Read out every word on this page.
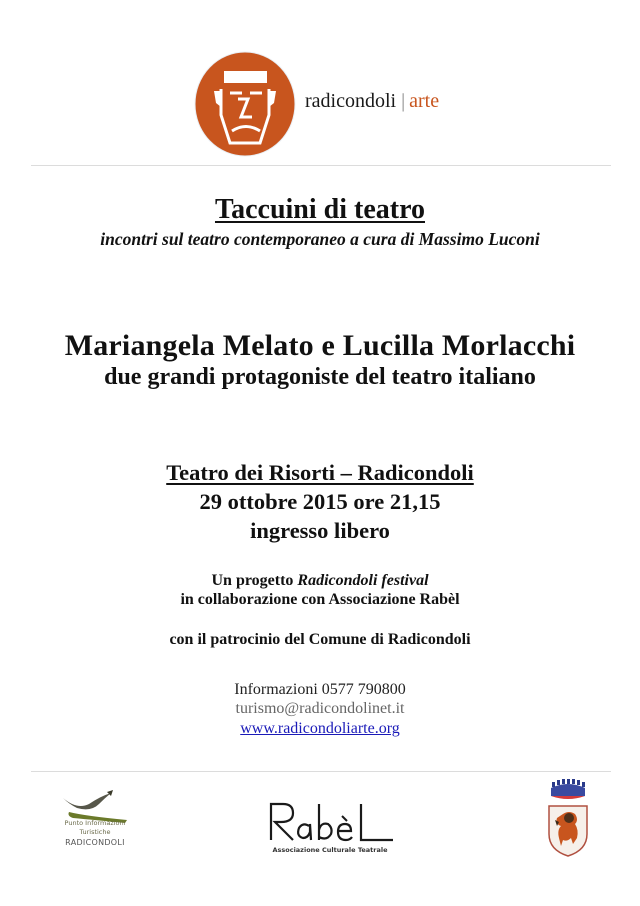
radicondoli | arte
Taccuini di teatro
incontri sul teatro contemporaneo a cura di Massimo Luconi
Mariangela Melato e Lucilla Morlacchi
due grandi protagoniste del teatro italiano
Teatro dei Risorti – Radicondoli
29 ottobre 2015 ore 21,15
ingresso libero
Un progetto Radicondoli festival
in collaborazione con Associazione Rabèl
con il patrocinio del Comune di Radicondoli
Informazioni 0577 790800
turismo@radicondolinet.it
www.radicondoliarte.org
Punto Informazioni
Turistiche
RADICONDOLI
Associazione Culturale Teatrale
